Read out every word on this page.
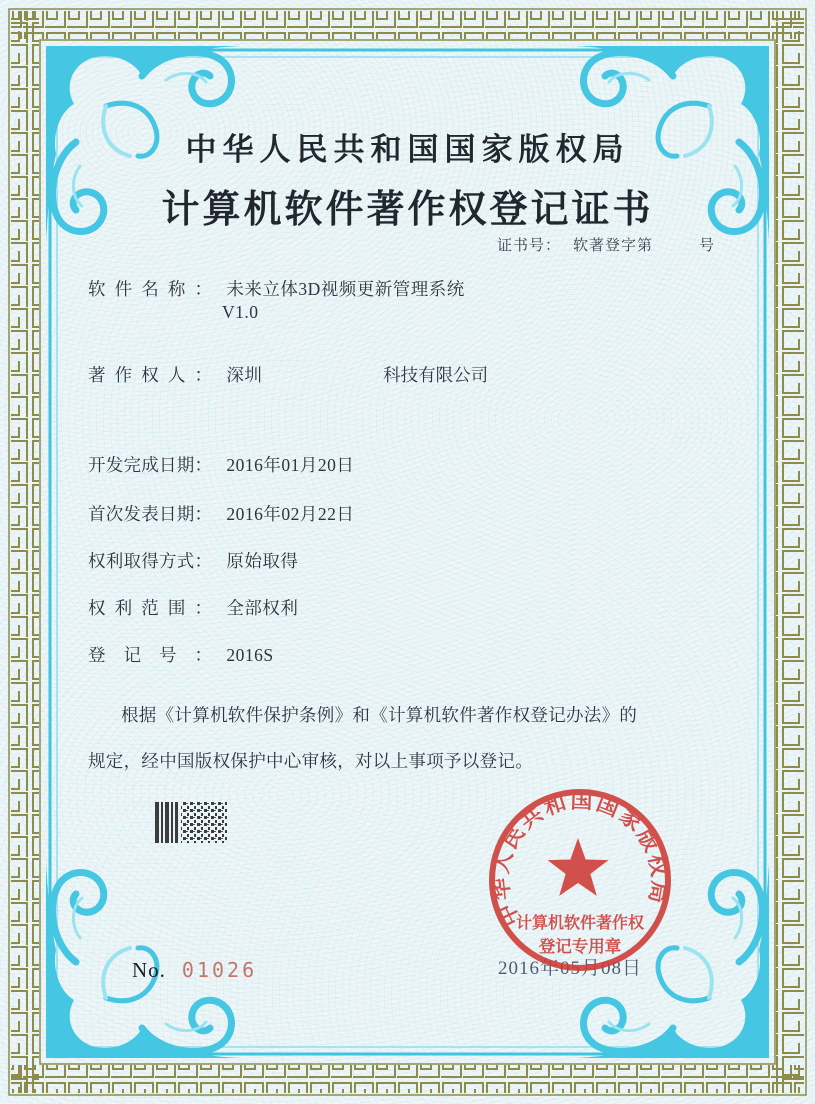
中华人民共和国国家版权局
计算机软件著作权登记证书
证书号： 软著登字第	号
软件名称： 未来立体3D视频更新管理系统
V1.0
著作权人： 深圳	科技有限公司
开发完成日期： 2016年01月20日
首次发表日期： 2016年02月22日
权利取得方式： 原始取得
权利范围： 全部权利
登记号： 2016S
根据《计算机软件保护条例》和《计算机软件著作权登记办法》的
规定，经中国版权保护中心审核，对以上事项予以登记。
2016年05月08日
中华人民共和国国家版权局
计算机软件著作权
登记专用章
No. 01026
